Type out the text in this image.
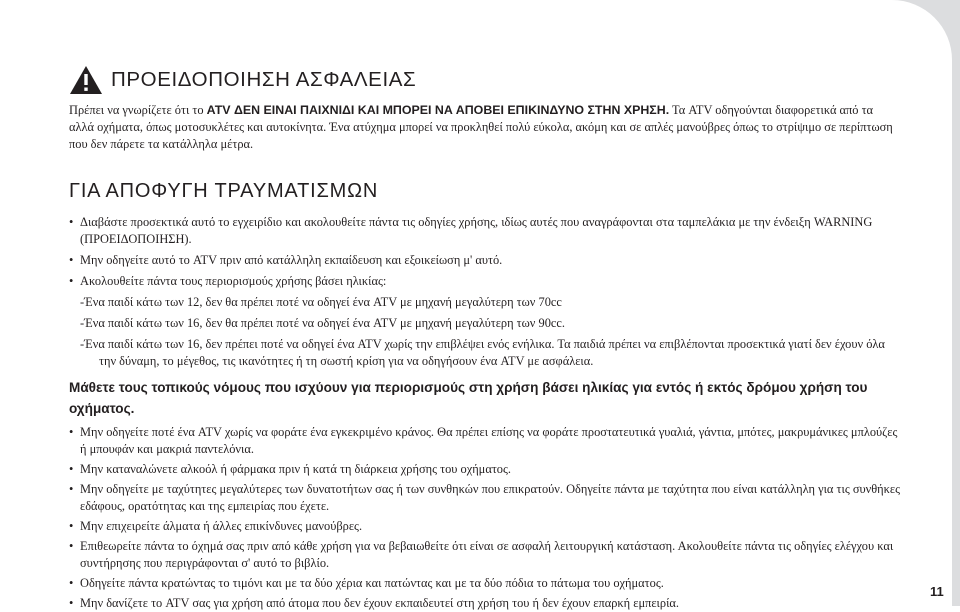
ΠΡΟΕΙΔΟΠΟΙΗΣΗ ΑΣΦΑΛΕΙΑΣ

Πρέπει να γνωρίζετε ότι το ATV ΔΕΝ ΕΙΝΑΙ ΠΑΙΧΝΙΔΙ ΚΑΙ ΜΠΟΡΕΙ ΝΑ ΑΠΟΒΕΙ ΕΠΙΚΙΝΔΥΝΟ ΣΤΗΝ ΧΡΗΣΗ. Τα ATV οδηγούνται διαφορετικά από τα αλλά οχήματα, όπως μοτοσυκλέτες και αυτοκίνητα. Ένα ατύχημα μπορεί να προκληθεί πολύ εύκολα, ακόμη και σε απλές μανούβρες όπως το στρίψιμο σε περίπτωση που δεν πάρετε τα κατάλληλα μέτρα.

ΓΙΑ ΑΠΟΦΥΓΗ ΤΡΑΥΜΑΤΙΣΜΩΝ
• Διαβάστε προσεκτικά αυτό το εγχειρίδιο και ακολουθείτε πάντα τις οδηγίες χρήσης, ιδίως αυτές που αναγράφονται στα ταμπελάκια με την ένδειξη WARNING (ΠΡΟΕΙΔΟΠΟΙΗΣΗ).
• Μην οδηγείτε αυτό το ATV πριν από κατάλληλη εκπαίδευση και εξοικείωση μ' αυτό.
• Ακολουθείτε πάντα τους περιορισμούς χρήσης βάσει ηλικίας:

-Ένα παιδί κάτω των 12, δεν θα πρέπει ποτέ να οδηγεί ένα ATV με μηχανή μεγαλύτερη των 70cc

-Ένα παιδί κάτω των 16, δεν θα πρέπει ποτέ να οδηγεί ένα ATV με μηχανή μεγαλύτερη των 90cc.

-Ένα παιδί κάτω των 16, δεν πρέπει ποτέ να οδηγεί ένα ATV χωρίς την επιβλέψει ενός ενήλικα. Τα παιδιά πρέπει να επιβλέπονται προσεκτικά γιατί δεν έχουν όλα

την δύναμη, το μέγεθος, τις ικανότητες ή τη σωστή κρίση για να οδηγήσουν ένα ATV με ασφάλεια.

Μάθετε τους τοπικούς νόμους που ισχύουν για περιορισμούς στη χρήση βάσει ηλικίας για εντός ή εκτός δρόμου χρήση του οχήματος.

• Μην οδηγείτε ποτέ ένα ATV χωρίς να φοράτε ένα εγκεκριμένο κράνος. Θα πρέπει επίσης να φοράτε προστατευτικά γυαλιά, γάντια, μπότες, μακρυμάνικες μπλούζες ή μπουφάν και μακριά παντελόνια.
• Μην καταναλώνετε αλκοόλ ή φάρμακα πριν ή κατά τη διάρκεια χρήσης του οχήματος.
• Μην οδηγείτε με ταχύτητες μεγαλύτερες των δυνατοτήτων σας ή των συνθηκών που επικρατούν. Οδηγείτε πάντα με ταχύτητα που είναι κατάλληλη για τις συνθήκες εδάφους, ορατότητας και της εμπειρίας που έχετε.
• Μην επιχειρείτε άλματα ή άλλες επικίνδυνες μανούβρες.
• Επιθεωρείτε πάντα το όχημά σας πριν από κάθε χρήση για να βεβαιωθείτε ότι είναι σε ασφαλή λειτουργική κατάσταση. Ακολουθείτε πάντα τις οδηγίες ελέγχου και συντήρησης που περιγράφονται σ' αυτό το βιβλίο.
• Οδηγείτε πάντα κρατώντας το τιμόνι και με τα δύο χέρια και πατώντας και με τα δύο πόδια το πάτωμα του οχήματος.
• Μην δανίζετε το ATV σας για χρήση από άτομα που δεν έχουν εκπαιδευτεί στη χρήση του ή δεν έχουν επαρκή εμπειρία.
11
